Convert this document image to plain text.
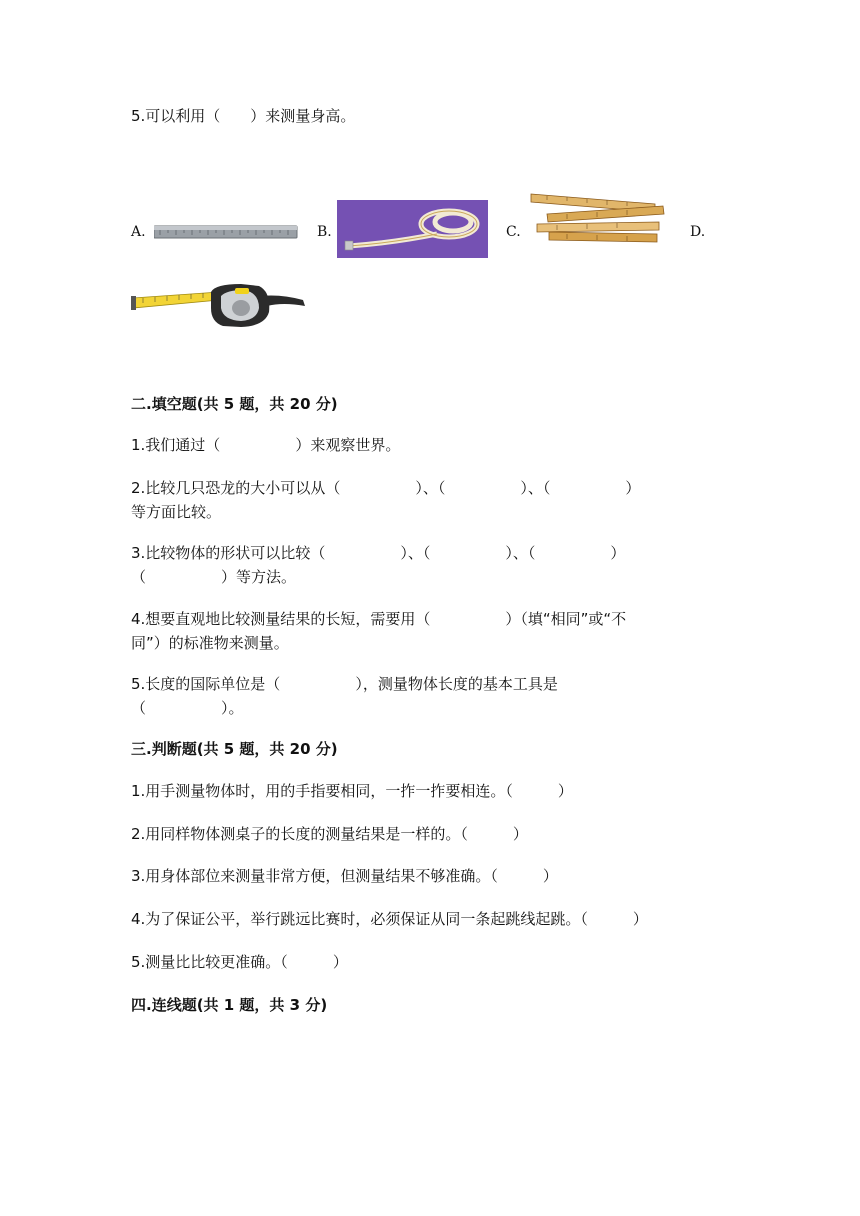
5.可以利用（　　）来测量身高。
A.	B.	C.	D.
二.填空题(共 5 题，共 20 分)
1.我们通过（　　　　　）来观察世界。
2.比较几只恐龙的大小可以从（　　　　　）、（　　　　　）、（　　　　　）
等方面比较。
3.比较物体的形状可以比较（　　　　　）、（　　　　　）、（　　　　　）
（　　　　　）等方法。
4.想要直观地比较测量结果的长短，需要用（　　　　　）（填“相同”或“不
同”）的标准物来测量。
5.长度的国际单位是（　　　　　），测量物体长度的基本工具是
（　　　　　）。
三.判断题(共 5 题，共 20 分)
1.用手测量物体时，用的手指要相同，一拃一拃要相连。（　　　）
2.用同样物体测桌子的长度的测量结果是一样的。（　　　）
3.用身体部位来测量非常方便，但测量结果不够准确。（　　　）
4.为了保证公平，举行跳远比赛时，必须保证从同一条起跳线起跳。（　　　）
5.测量比比较更准确。（　　　）
四.连线题(共 1 题，共 3 分)
